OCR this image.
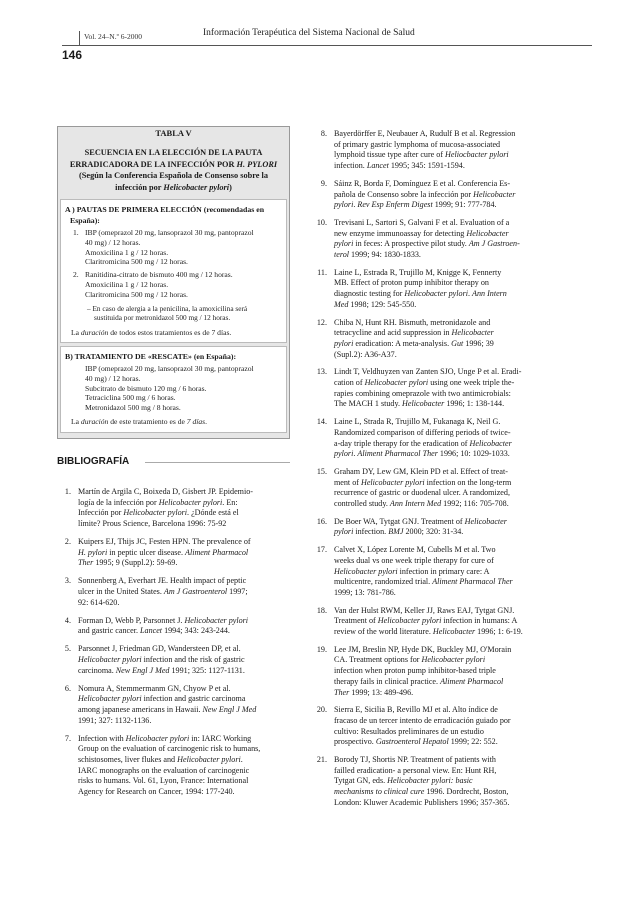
Vol. 24–N.º 6-2000	Información Terapéutica del Sistema Nacional de Salud
146
TABLA V
SECUENCIA EN LA ELECCIÓN DE LA PAUTA
ERRADICADORA DE LA INFECCIÓN POR H. PYLORI
(Según la Conferencia Española de Consenso sobre la
infección por Helicobacter pylori)
A ) PAUTAS DE PRIMERA ELECCIÓN (recomendadas en
España):
1. IBP (omeprazol 20 mg, lansoprazol 30 mg, pantoprazol
40 mg) / 12 horas.
Amoxicilina 1 g / 12 horas.
Claritromicina 500 mg / 12 horas.
2. Ranitidina-citrato de bismuto 400 mg / 12 horas.
Amoxicilina 1 g / 12 horas.
Claritromicina 500 mg / 12 horas.
– En caso de alergia a la penicilina, la amoxicilina será
sustituida por metronidazol 500 mg / 12 horas.
La duración de todos estos tratamientos es de 7 días.
B) TRATAMIENTO DE «RESCATE» (en España):
IBP (omeprazol 20 mg, lansoprazol 30 mg, pantoprazol
40 mg) / 12 horas.
Subcitrato de bismuto 120 mg / 6 horas.
Tetraciclina 500 mg / 6 horas.
Metronidazol 500 mg / 8 horas.
La duración de este tratamiento es de 7 días.
BIBLIOGRAFÍA
1. Martín de Argila C, Boixeda D, Gisbert JP. Epidemio-
logía de la infección por Helicobacter pylori. En:
Infección por Helicobacter pylori. ¿Dónde está el
límite? Prous Science, Barcelona 1996: 75-92
2. Kuipers EJ, Thijs JC, Festen HPN. The prevalence of
H. pylori in peptic ulcer disease. Aliment Pharmacol
Ther 1995; 9 (Suppl.2): 59-69.
3. Sonnenberg A, Everhart JE. Health impact of peptic
ulcer in the United States. Am J Gastroenterol 1997;
92: 614-620.
4. Forman D, Webb P, Parsonnet J. Helicobacter pylori
and gastric cancer. Lancet 1994; 343: 243-244.
5. Parsonnet J, Friedman GD, Wandersteen DP, et al.
Helicobacter pylori infection and the risk of gastric
carcinoma. New Engl J Med 1991; 325: 1127-1131.
6. Nomura A, Stemmermanm GN, Chyow P et al.
Helicobacter pylori infection and gastric carcinoma
among japanese americans in Hawaii. New Engl J Med
1991; 327: 1132-1136.
7. Infection with Helicobacter pylori in: IARC Working
Group on the evaluation of carcinogenic risk to humans,
schistosomes, liver flukes and Helicobacter pylori.
IARC monographs on the evaluation of carcinogenic
risks to humans. Vol. 61, Lyon, France: International
Agency for Research on Cancer, 1994: 177-240.
8. Bayerdörffer E, Neubauer A, Rudulf B et al. Regression
of primary gastric lymphoma of mucosa-associated
lymphoid tissue type after cure of Heliocbacter pylori
infection. Lancet 1995; 345: 1591-1594.
9. Sáinz R, Borda F, Domínguez E et al. Conferencia Es-
pañola de Consenso sobre la infección por Helicobacter
pylori. Rev Esp Enferm Digest 1999; 91: 777-784.
10. Trevisani L, Sartori S, Galvani F et al. Evaluation of a
new enzyme immunoassay for detecting Helicobacter
pylori in feces: A prospective pilot study. Am J Gastroen-
terol 1999; 94: 1830-1833.
11. Laine L, Estrada R, Trujillo M, Knigge K, Fennerty
MB. Effect of proton pump inhibitor therapy on
diagnostic testing for Helicobacter pylori. Ann Intern
Med 1998; 129: 545-550.
12. Chiba N, Hunt RH. Bismuth, metronidazole and
tetracycline and acid suppression in Helicobacter
pylori eradication: A meta-analysis. Gut 1996; 39
(Supl.2): A36-A37.
13. Lindt T, Veldhuyzen van Zanten SJO, Unge P et al. Eradi-
cation of Helicobacter pylori using one week triple the-
rapies combining omeprazole with two antimicrobials:
The MACH 1 study. Helicobacter 1996; 1: 138-144.
14. Laine L, Strada R, Trujillo M, Fukanaga K, Neil G.
Randomized comparison of differing periods of twice-
a-day triple therapy for the eradication of Helicobacter
pylori. Aliment Pharmacol Ther 1996; 10: 1029-1033.
15. Graham DY, Lew GM, Klein PD et al. Effect of treat-
ment of Helicobacter pylori infection on the long-term
recurrence of gastric or duodenal ulcer. A randomized,
controlled study. Ann Intern Med 1992; 116: 705-708.
16. De Boer WA, Tytgat GNJ. Treatment of Helicobacter
pylori infection. BMJ 2000; 320: 31-34.
17. Calvet X, López Lorente M, Cubells M et al. Two
weeks dual vs one week triple therapy for cure of
Helicobacter pylori infection in primary care: A
multicentre, randomized trial. Aliment Pharmacol Ther
1999; 13: 781-786.
18. Van der Hulst RWM, Keller JJ, Raws EAJ, Tytgat GNJ.
Treatment of Helicobacter pylori infection in humans: A
review of the world literature. Helicobacter 1996; 1: 6-19.
19. Lee JM, Breslin NP, Hyde DK, Buckley MJ, O'Morain
CA. Treatment options for Helicobacter pylori
infection when proton pump inhibitor-based triple
therapy fails in clinical practice. Aliment Pharmacol
Ther 1999; 13: 489-496.
20. Sierra E, Sicilia B, Revillo MJ et al. Alto índice de
fracaso de un tercer intento de erradicación guiado por
cultivo: Resultados preliminares de un estudio
prospectivo. Gastroenterol Hepatol 1999; 22: 552.
21. Borody TJ, Shortis NP. Treatment of patients with
failled eradication- a personal view. En: Hunt RH,
Tytgat GN, eds. Helicobacter pylori: basic
mechanisms to clinical cure 1996. Dordrecht, Boston,
London: Kluwer Academic Publishers 1996; 357-365.
